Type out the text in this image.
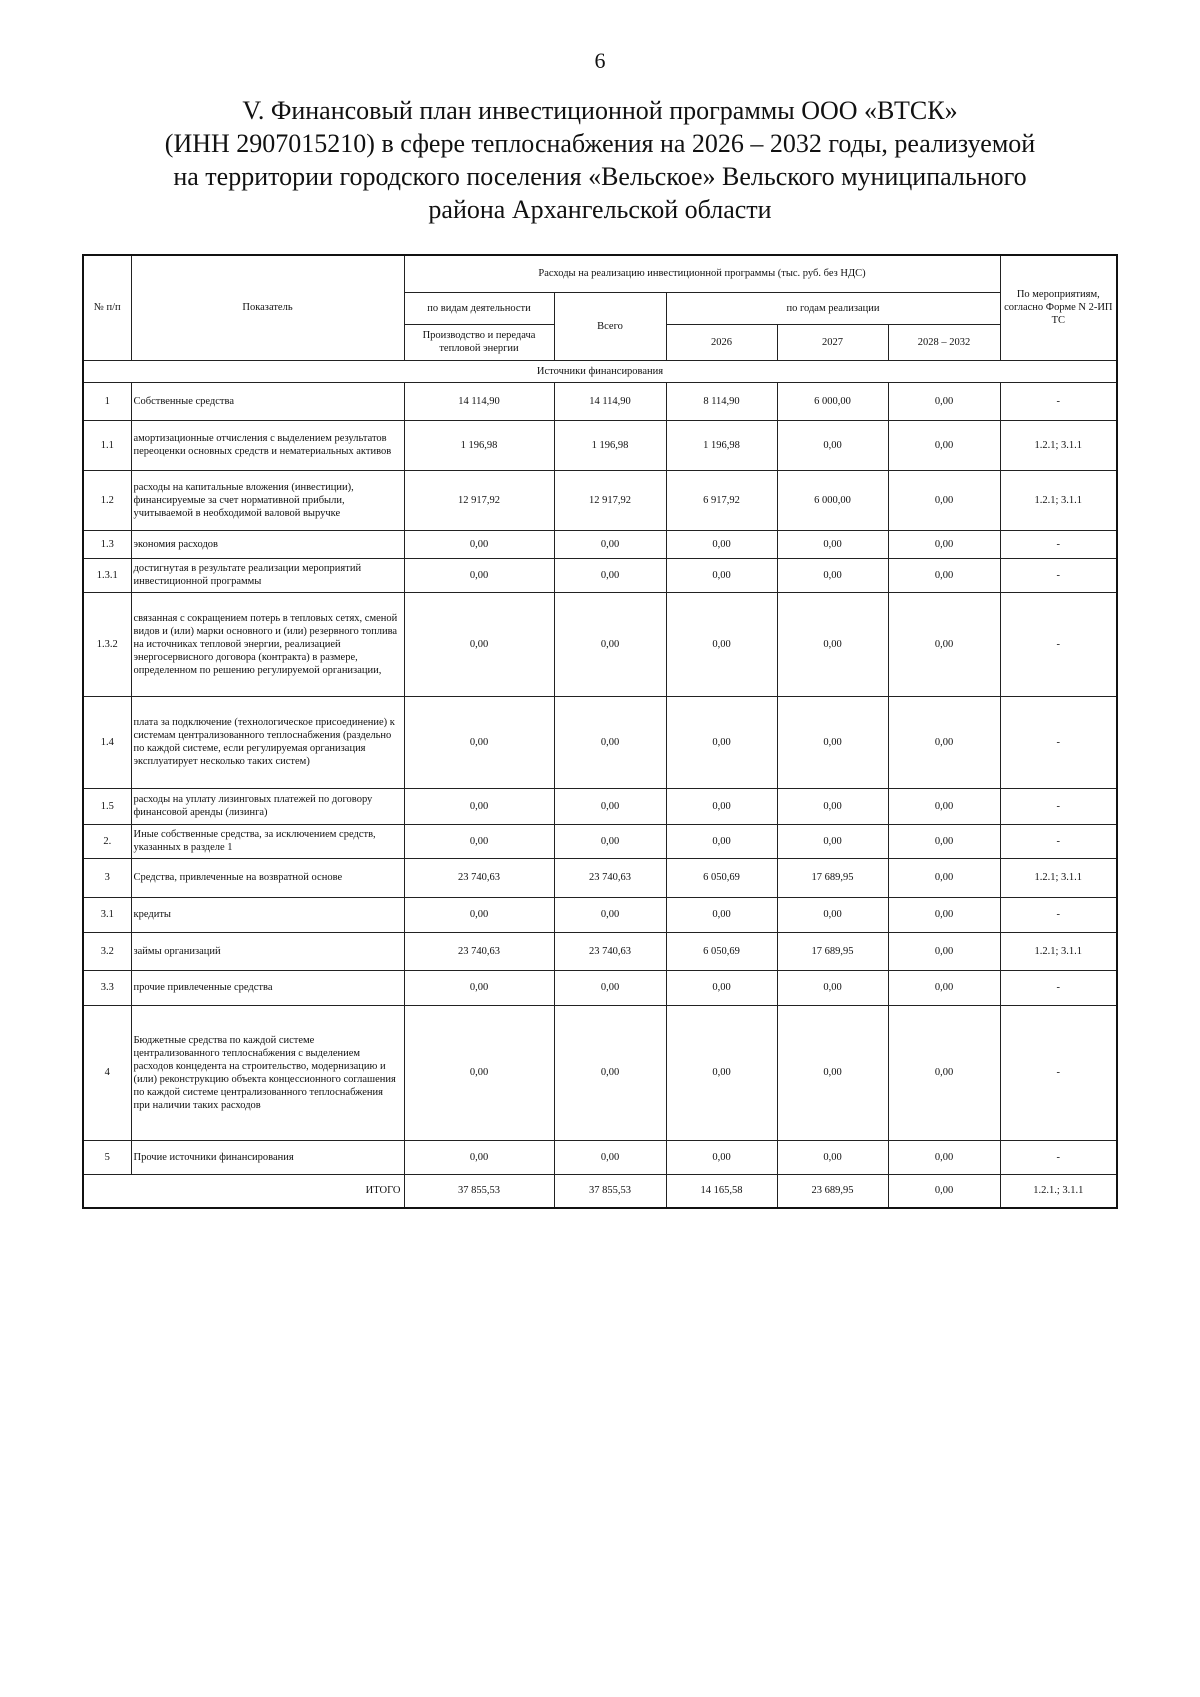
6
V. Финансовый план инвестиционной программы ООО «ВТСК»
(ИНН 2907015210) в сфере теплоснабжения на 2026 – 2032 годы, реализуемой
на территории городского поселения «Вельское» Вельского муниципального
района Архангельской области
№ п/п	Показатель	Расходы на реализацию инвестиционной программы (тыс. руб. без НДС)					По мероприятиям, согласно Форме N 2-ИП ТС
		по видам деятельности	Всего	по годам реализации			
		Производство и передача тепловой энергии		2026	2027	2028 – 2032	
Источники финансирования							
1	Собственные средства	14 114,90	14 114,90	8 114,90	6 000,00	0,00	-
1.1	амортизационные отчисления с выделением результатов переоценки основных средств и нематериальных активов	1 196,98	1 196,98	1 196,98	0,00	0,00	1.2.1; 3.1.1
1.2	расходы на капитальные вложения (инвестиции), финансируемые за счет нормативной прибыли, учитываемой в необходимой валовой выручке	12 917,92	12 917,92	6 917,92	6 000,00	0,00	1.2.1; 3.1.1
1.3	экономия расходов	0,00	0,00	0,00	0,00	0,00	-
1.3.1	достигнутая в результате реализации мероприятий инвестиционной программы	0,00	0,00	0,00	0,00	0,00	-
1.3.2	связанная с сокращением потерь в тепловых сетях, сменой видов и (или) марки основного и (или) резервного топлива на источниках тепловой энергии, реализацией энергосервисного договора (контракта) в размере, определенном по решению регулируемой организации,	0,00	0,00	0,00	0,00	0,00	-
1.4	плата за подключение (технологическое присоединение) к системам централизованного теплоснабжения (раздельно по каждой системе, если регулируемая организация эксплуатирует несколько таких систем)	0,00	0,00	0,00	0,00	0,00	-
1.5	расходы на уплату лизинговых платежей по договору финансовой аренды (лизинга)	0,00	0,00	0,00	0,00	0,00	-
2.	Иные собственные средства, за исключением средств, указанных в разделе 1	0,00	0,00	0,00	0,00	0,00	-
3	Средства, привлеченные на возвратной основе	23 740,63	23 740,63	6 050,69	17 689,95	0,00	1.2.1; 3.1.1
3.1	кредиты	0,00	0,00	0,00	0,00	0,00	-
3.2	займы организаций	23 740,63	23 740,63	6 050,69	17 689,95	0,00	1.2.1; 3.1.1
3.3	прочие привлеченные средства	0,00	0,00	0,00	0,00	0,00	-
4	Бюджетные средства по каждой системе централизованного теплоснабжения с выделением расходов концедента на строительство, модернизацию и (или) реконструкцию объекта концессионного соглашения по каждой системе централизованного теплоснабжения при наличии таких расходов	0,00	0,00	0,00	0,00	0,00	-
5	Прочие источники финансирования	0,00	0,00	0,00	0,00	0,00	-
ИТОГО		37 855,53	37 855,53	14 165,58	23 689,95	0,00	1.2.1.; 3.1.1
